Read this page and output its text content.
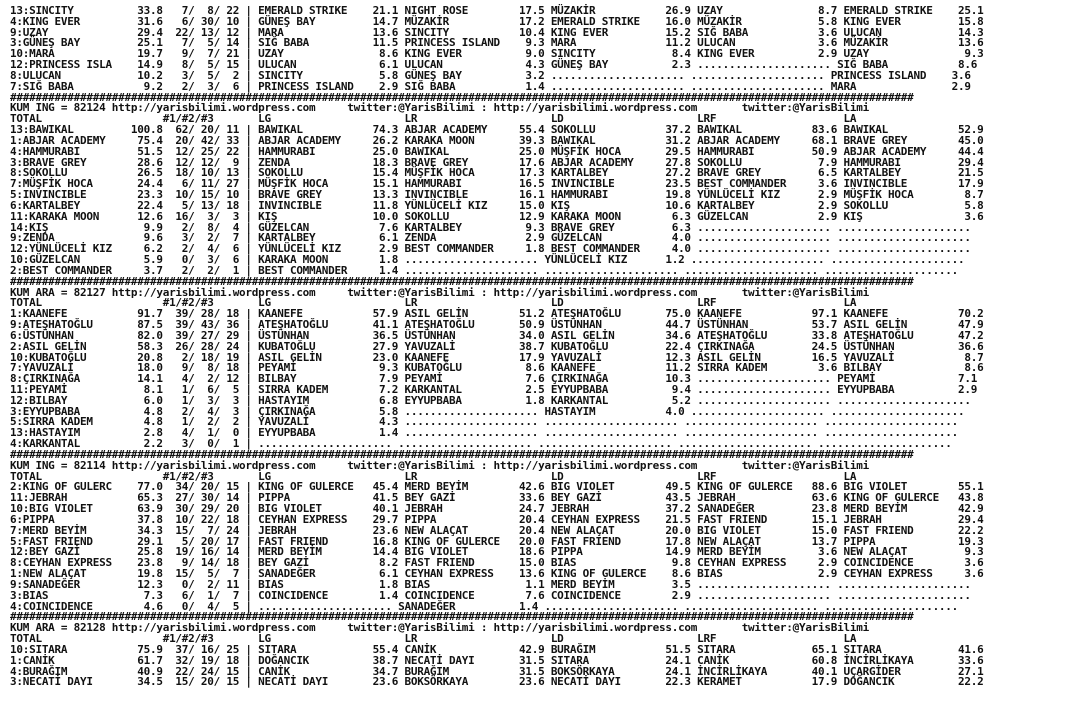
13:SINCITY          33.8   7/  8/ 22 | EMERALD STRIKE    21.1 NIGHT ROSE        17.5 MÜZAKİR           26.9 UZAY               8.7 EMERALD STRIKE    25.1
4:KING EVER         31.6   6/ 30/ 10 | GÜNEŞ BAY         14.7 MÜZAKİR           17.2 EMERALD STRIKE    16.0 MÜZAKİR            5.8 KING EVER         15.8
9:UZAY              29.4  22/ 13/ 12 | MARA              13.6 SINCITY           10.4 KING EVER         15.2 SIĞ BABA           3.6 ULUCAN            14.3
3:GÜNEŞ BAY         25.1   7/  5/ 14 | SIĞ BABA          11.5 PRINCESS ISLAND    9.3 MARA              11.2 ULUCAN             3.6 MÜZAKİR           13.6
10:MARA             19.7   9/  7/ 21 | UZAY               8.6 KING EVER          9.0 SINCITY            8.4 KING EVER          2.9 UZAY               9.3
12:PRINCESS ISLA    14.9   8/  5/ 15 | ULUCAN             6.1 ULUCAN             4.3 GÜNEŞ BAY          2.3 ..................... SIĞ BABA           8.6
8:ULUCAN            10.2   3/  5/  2 | SINCITY            5.8 GÜNEŞ BAY          3.2 ..................... ..................... PRINCESS ISLAND    3.6
7:SIĞ BABA           9.2   2/  3/  6 | PRINCESS ISLAND    2.9 SIĞ BABA           1.4 ..................... ..................... MARA               2.9
##############################################################################################################################################
KUM ING = 82124 http://yarisbilimi.wordpress.com     twitter:@YarisBilimi : http://yarisbilimi.wordpress.com       twitter:@YarisBilimi
TOTAL                   #1/#2/#3       LG                     LR                     LD                     LRF                    LA
13:BAWIKAL         100.8  62/ 20/ 11 | BAWIKAL           74.3 ABJAR ACADEMY     55.4 SOKOLLU           37.2 BAWIKAL           83.6 BAWIKAL           52.9
1:ABJAR ACADEMY     75.4  20/ 42/ 33 | ABJAR ACADEMY     26.2 KARAKA MOON       39.3 BAWIKAL           31.2 ABJAR ACADEMY     68.1 BRAVE GREY        45.0
4:HAMMURABI         51.5  12/ 25/ 22 | HAMMURABI         25.0 BAWIKAL           25.0 MÜŞFİK HOCA       29.5 HAMMURABI         50.9 ABJAR ACADEMY     44.4
3:BRAVE GREY        28.6  12/ 12/  9 | ZENDA             18.3 BRAVE GREY        17.6 ABJAR ACADEMY     27.8 SOKOLLU            7.9 HAMMURABI         29.4
8:SOKOLLU           26.5  18/ 10/ 13 | SOKOLLU           15.4 MÜŞFİK HOCA       17.3 KARTALBEY         27.2 BRAVE GREY         6.5 KARTALBEY         21.5
7:MÜŞFİK HOCA       24.4   6/ 11/ 27 | MÜŞFİK HOCA       15.1 HAMMURABI         16.5 INVINCIBLE        23.5 BEST COMMANDER     3.6 INVINCIBLE        17.9
5:INVINCIBLE        23.3  10/ 15/ 10 | BRAVE GREY        13.3 INVINCIBLE        16.1 HAMMURABI         19.8 YÜNLÜCELİ KIZ      2.9 MÜŞFİK HOCA        8.7
6:KARTALBEY         22.4   5/ 13/ 18 | INVINCIBLE        11.8 YÜNLÜCELİ KIZ     15.0 KIŞ               10.6 KARTALBEY          2.9 SOKOLLU            5.8
11:KARAKA MOON      12.6  16/  3/  3 | KIŞ               10.0 SOKOLLU           12.9 KARAKA MOON        6.3 GÜZELCAN           2.9 KIŞ                3.6
14:KIŞ               9.9   2/  8/  4 | GÜZELCAN           7.6 KARTALBEY          9.3 BRAVE GREY         6.3 ..................... .....................
9:ZENDA              9.6   3/  2/  7 | KARTALBEY          6.1 ZENDA              2.9 GÜZELCAN           4.0 ..................... .....................
12:YÜNLÜCELİ KIZ     6.2   2/  4/  6 | YÜNLÜCELİ KIZ      2.9 BEST COMMANDER     1.8 BEST COMMANDER     4.0 ..................... .....................
10:GÜZELCAN          5.9   0/  3/  6 | KARAKA MOON        1.8 ..................... YÜNLÜCELİ KIZ      1.2 ..................... .....................
2:BEST COMMANDER     3.7   2/  2/  1 | BEST COMMANDER     1.4 ..................... ..................... ..................... .....................
##############################################################################################################################################
KUM ARA = 82127 http://yarisbilimi.wordpress.com     twitter:@YarisBilimi : http://yarisbilimi.wordpress.com       twitter:@YarisBilimi
TOTAL                   #1/#2/#3       LG                     LR                     LD                     LRF                    LA
1:KAANEFE           91.7  39/ 28/ 18 | KAANEFE           57.9 ASIL GELİN        51.2 ATEŞHATOĞLU       75.0 KAANEFE           97.1 KAANEFE           70.2
9:ATEŞHATOĞLU       87.5  39/ 43/ 36 | ATEŞHATOĞLU       41.1 ATEŞHATOĞLU       50.9 ÜSTÜNHAN          44.7 ÜSTÜNHAN          53.7 ASIL GELİN        47.9
6:ÜSTÜNHAN          82.0  39/ 27/ 29 | ÜSTÜNHAN          36.5 ÜSTÜNHAN          34.0 ASIL GELİN        34.6 ATEŞHATOĞLU       33.8 ATEŞHATOĞLU       47.2
2:ASIL GELİN        58.3  26/ 28/ 24 | KUBATOĞLU         27.9 YAVUZALİ          38.7 KUBATOĞLU         22.4 ÇIRKINAĞA         24.5 ÜSTÜNHAN          36.6
10:KUBATOĞLU        20.8   2/ 18/ 19 | ASIL GELİN        23.0 KAANEFE           17.9 YAVUZALİ          12.3 ASIL GELİN        16.5 YAVUZALİ           8.7
7:YAVUZALİ          18.0   9/  8/ 18 | PEYAMİ             9.3 KUBATOĞLU          8.6 KAANEFE           11.2 SIRRA KADEM        3.6 BILBAY             8.6
8:ÇIRKINAĞA         14.1   4/  2/ 12 | BILBAY             7.9 PEYAMİ             7.6 ÇIRKINAĞA         10.3 ..................... PEYAMİ             7.1
11:PEYAMİ            8.1   1/  6/  5 | SIRRA KADEM        7.2 KARKANTAL          2.5 EYYUPBABA          9.4 ..................... EYYUPBABA          2.9
12:BILBAY            6.0   1/  3/  3 | HASTAYIM           6.8 EYYUPBABA          1.8 KARKANTAL          5.2 ..................... .....................
3:EYYUPBABA          4.8   2/  4/  3 | ÇIRKINAĞA          5.8 ..................... HASTAYIM           4.0 ..................... .....................
5:SIRRA KADEM        4.8   1/  2/  2 | YAVUZALİ           4.3 ..................... ..................... ..................... .....................
13:HASTAYIM          2.8   4/  1/  0 | EYYUPBABA          1.4 ..................... ..................... ..................... .....................
4:KARKANTAL          2.2   3/  0/  1 | ..................... ..................... ..................... ..................... .....................
##############################################################################################################################################
KUM ING = 82114 http://yarisbilimi.wordpress.com     twitter:@YarisBilimi : http://yarisbilimi.wordpress.com       twitter:@YarisBilimi
TOTAL                   #1/#2/#3       LG                     LR                     LD                     LRF                    LA
2:KING OF GULERC    77.0  34/ 20/ 15 | KING OF GULERCE   45.4 MERD BEYİM        42.6 BIG VIOLET        49.5 KING OF GULERCE   88.6 BIG VIOLET        55.1
11:JEBRAH           65.3  27/ 30/ 14 | PIPPA             41.5 BEY GAZİ          33.6 BEY GAZİ          43.5 JEBRAH            63.6 KING OF GULERCE   43.8
10:BIG VIOLET       63.9  30/ 29/ 20 | BIG VIOLET        40.1 JEBRAH            24.7 JEBRAH            37.2 SANADEĞER         23.8 MERD BEYİM        42.9
6:PIPPA             37.8  10/ 22/ 18 | CEYHAN EXPRESS    29.7 PIPPA             20.4 CEYHAN EXPRESS    21.5 FAST FRIEND       15.1 JEBRAH            29.4
7:MERD BEYİM        34.3  15/  7/ 24 | JEBRAH            23.6 NEW ALAÇAT        20.4 NEW ALAÇAT        20.0 BIG VIOLET        15.0 FAST FRIEND       22.2
5:FAST FRIEND       29.1   5/ 20/ 17 | FAST FRIEND       16.8 KING OF GULERCE   20.0 FAST FRIEND       17.8 NEW ALAÇAT        13.7 PIPPA             19.3
12:BEY GAZİ         25.8  19/ 16/ 14 | MERD BEYİM        14.4 BIG VIOLET        18.6 PIPPA             14.9 MERD BEYİM         3.6 NEW ALAÇAT         9.3
8:CEYHAN EXPRESS    23.8   9/ 14/ 18 | BEY GAZİ           8.2 FAST FRIEND       15.0 BIAS               9.8 CEYHAN EXPRESS     2.9 COINCIDENCE        3.6
1:NEW ALAÇAT        19.8  15/  5/  7 | SANADEĞER          6.1 CEYHAN EXPRESS    13.6 KING OF GULERCE    8.6 BIAS               2.9 CEYHAN EXPRESS     3.6
9:SANADEĞER         12.3   0/  2/ 11 | BIAS               1.8 BIAS               1.1 MERD BEYİM         3.5 ..................... .....................
3:BIAS               7.3   6/  1/  7 | COINCIDENCE        1.4 COINCIDENCE        7.6 COINCIDENCE        2.9 ..................... .....................
4:COINCIDENCE        4.6   0/  4/  5 | ..................... SANADEĞER          1.4 ..................... ..................... .....................
##############################################################################################################################################
KUM ARA = 82128 http://yarisbilimi.wordpress.com     twitter:@YarisBilimi : http://yarisbilimi.wordpress.com       twitter:@YarisBilimi
TOTAL                   #1/#2/#3       LG                     LR                     LD                     LRF                    LA
10:SITARA           75.9  37/ 16/ 25 | SITARA            55.4 CANİK             42.9 BURAĞIM           51.5 SITARA            65.1 SITARA            41.6
1:CANİK             61.7  32/ 19/ 18 | DOĞANCIK          38.7 NECATİ DAYI       31.5 SITARA            24.1 CANİK             60.8 İNCİRLİKAYA       33.6
4:BURAĞIM           40.9  22/ 24/ 15 | CANİK             34.7 BURAĞIM           31.5 BOKSÖRKAYA        24.1 İNCİRLİKAYA       40.1 UÇARGİDER         27.1
3:NECATİ DAYI       34.5  15/ 20/ 15 | NECATİ DAYI       23.6 BOKSÖRKAYA        23.6 NECATİ DAYI       22.3 KERAMET           17.9 DOĞANCIK          22.2
